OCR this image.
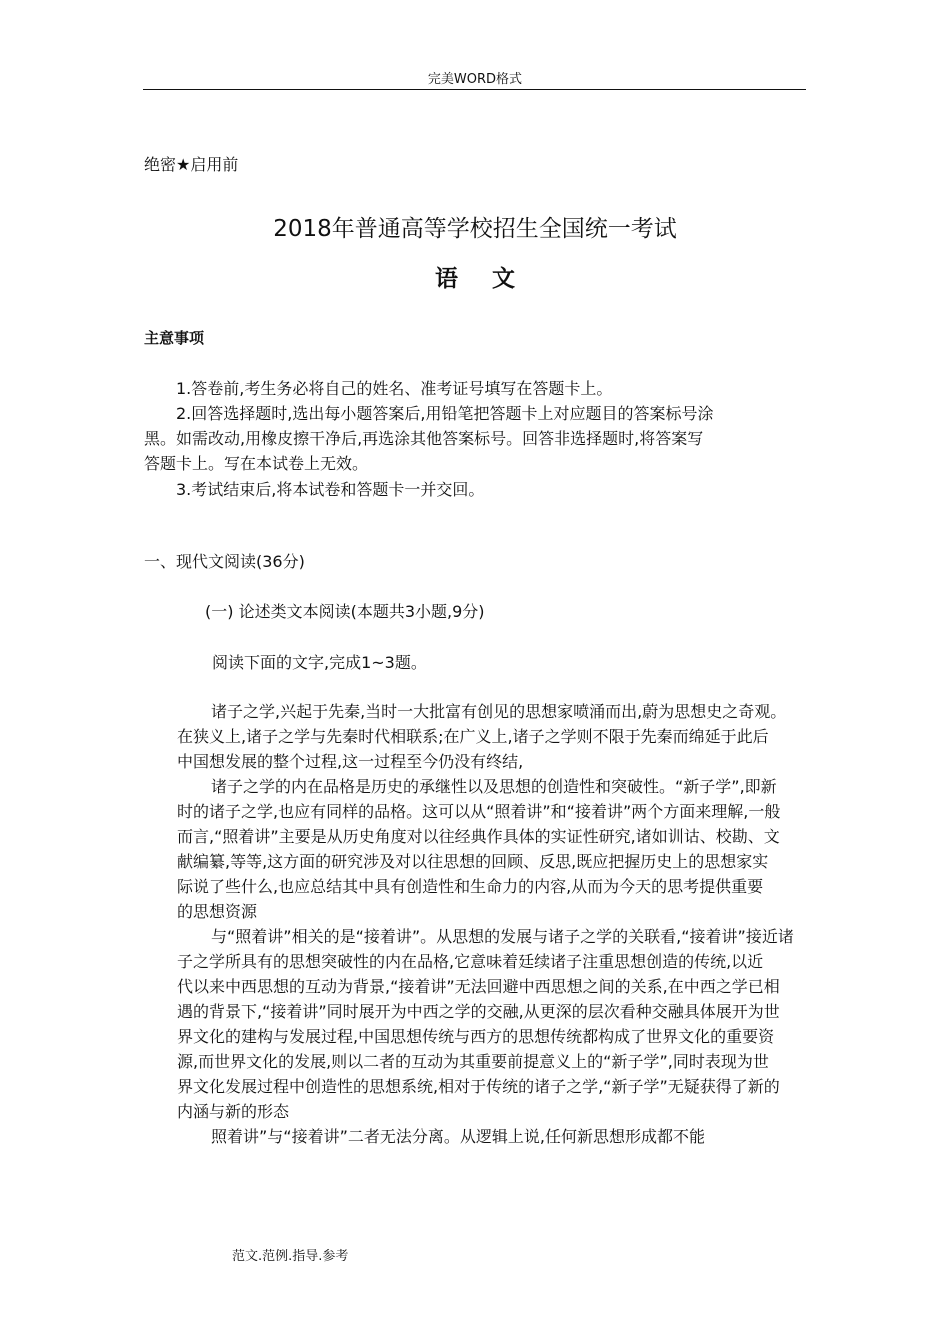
完美WORD格式
绝密★启用前
2018年普通高等学校招生全国统一考试
语文
主意事项
1.答卷前,考生务必将自己的姓名、准考证号填写在答题卡上。
2.回答选择题时,选出每小题答案后,用铅笔把答题卡上对应题目的答案标号涂
黑。如需改动,用橡皮擦干净后,再选涂其他答案标号。回答非选择题时,将答案写
答题卡上。写在本试卷上无效。
3.考试结束后,将本试卷和答题卡一并交回。
一、现代文阅读(36分)
(一) 论述类文本阅读(本题共3小题,9分)
阅读下面的文字,完成1~3题。
诸子之学,兴起于先秦,当时一大批富有创见的思想家喷涌而出,蔚为思想史之奇观。
在狭义上,诸子之学与先秦时代相联系;在广义上,诸子之学则不限于先秦而绵延于此后
中国想发展的整个过程,这一过程至今仍没有终结,
诸子之学的内在品格是历史的承继性以及思想的创造性和突破性。“新子学”,即新
时的诸子之学,也应有同样的品格。这可以从“照着讲”和“接着讲”两个方面来理解,一般
而言,“照着讲”主要是从历史角度对以往经典作具体的实证性研究,诸如训诂、校勘、文
献编纂,等等,这方面的研究涉及对以往思想的回顾、反思,既应把握历史上的思想家实
际说了些什么,也应总结其中具有创造性和生命力的内容,从而为今天的思考提供重要
的思想资源
与“照着讲”相关的是“接着讲”。从思想的发展与诸子之学的关联看,“接着讲”接近诸
子之学所具有的思想突破性的内在品格,它意味着廷续诸子注重思想创造的传统,以近
代以来中西思想的互动为背景,“接着讲”无法回避中西思想之间的关系,在中西之学已相
遇的背景下,“接着讲”同时展开为中西之学的交融,从更深的层次看种交融具体展开为世
界文化的建构与发展过程,中国思想传统与西方的思想传统都构成了世界文化的重要资
源,而世界文化的发展,则以二者的互动为其重要前提意义上的“新子学”,同时表现为世
界文化发展过程中创造性的思想系统,相对于传统的诸子之学,“新子学”无疑获得了新的
内涵与新的形态
照着讲”与“接着讲”二者无法分离。从逻辑上说,任何新思想形成都不能
范文.范例.指导.参考
